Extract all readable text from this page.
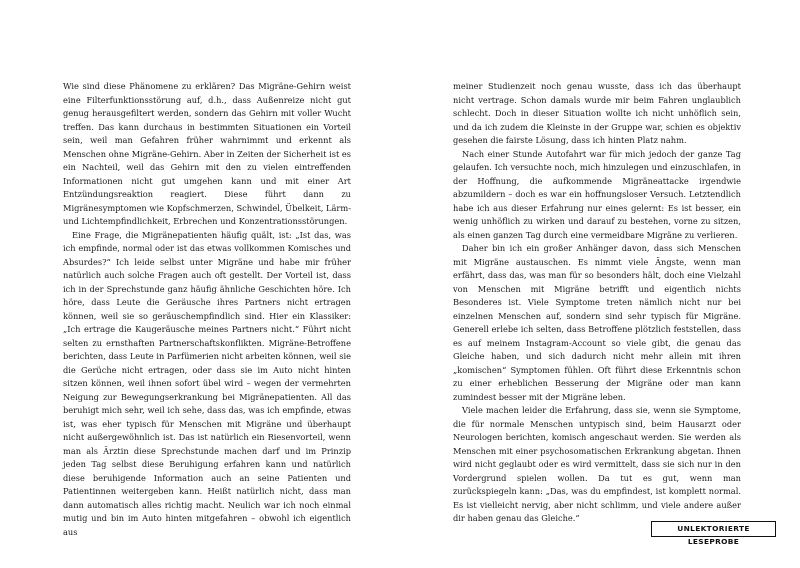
Wie sind diese Phänomene zu erklären? Das Migräne-Gehirn weist eine Filterfunktionsstörung auf, d.h., dass Außenreize nicht gut genug herausgefiltert werden, sondern das Gehirn mit voller Wucht treffen. Das kann durchaus in bestimmten Situationen ein Vorteil sein, weil man Gefahren früher wahrnimmt und erkennt als Menschen ohne Migräne-Gehirn. Aber in Zeiten der Sicherheit ist es ein Nachteil, weil das Gehirn mit den zu vielen eintreffenden Informationen nicht gut umgehen kann und mit einer Art Entzündungsreaktion reagiert. Diese führt dann zu Migränesymptomen wie Kopfschmerzen, Schwindel, Übelkeit, Lärm- und Lichtempfindlichkeit, Erbrechen und Konzentrationsstörungen.

Eine Frage, die Migränepatienten häufig quält, ist: „Ist das, was ich empfinde, normal oder ist das etwas vollkommen Komisches und Absurdes?“ Ich leide selbst unter Migräne und habe mir früher natürlich auch solche Fragen auch oft gestellt. Der Vorteil ist, dass ich in der Sprechstunde ganz häufig ähnliche Geschichten höre. Ich höre, dass Leute die Geräusche ihres Partners nicht ertragen können, weil sie so geräuschempfindlich sind. Hier ein Klassiker: „Ich ertrage die Kaugeräusche meines Partners nicht.“ Führt nicht selten zu ernsthaften Partnerschaftskonflikten. Migräne-Betroffene berichten, dass Leute in Parfümerien nicht arbeiten können, weil sie die Gerüche nicht ertragen, oder dass sie im Auto nicht hinten sitzen können, weil ihnen sofort übel wird – wegen der vermehrten Neigung zur Bewegungserkrankung bei Migränepatienten. All das beruhigt mich sehr, weil ich sehe, dass das, was ich empfinde, etwas ist, was eher typisch für Menschen mit Migräne und überhaupt nicht außergewöhnlich ist. Das ist natürlich ein Riesenvorteil, wenn man als Ärztin diese Sprechstunde machen darf und im Prinzip jeden Tag selbst diese Beruhigung erfahren kann und natürlich diese beruhigende Information auch an seine Patienten und Patientinnen weitergeben kann. Heißt natürlich nicht, dass man dann automatisch alles richtig macht. Neulich war ich noch einmal mutig und bin im Auto hinten mitgefahren – obwohl ich eigentlich aus

meiner Studienzeit noch genau wusste, dass ich das überhaupt nicht vertrage. Schon damals wurde mir beim Fahren unglaublich schlecht. Doch in dieser Situation wollte ich nicht unhöflich sein, und da ich zudem die Kleinste in der Gruppe war, schien es objektiv gesehen die fairste Lösung, dass ich hinten Platz nahm.

Nach einer Stunde Autofahrt war für mich jedoch der ganze Tag gelaufen. Ich versuchte noch, mich hinzulegen und einzuschlafen, in der Hoffnung, die aufkommende Migräneattacke irgendwie abzumildern – doch es war ein hoffnungsloser Versuch. Letztendlich habe ich aus dieser Erfahrung nur eines gelernt: Es ist besser, ein wenig unhöflich zu wirken und darauf zu bestehen, vorne zu sitzen, als einen ganzen Tag durch eine vermeidbare Migräne zu verlieren.

Daher bin ich ein großer Anhänger davon, dass sich Menschen mit Migräne austauschen. Es nimmt viele Ängste, wenn man erfährt, dass das, was man für so besonders hält, doch eine Vielzahl von Menschen mit Migräne betrifft und eigentlich nichts Besonderes ist. Viele Symptome treten nämlich nicht nur bei einzelnen Menschen auf, sondern sind sehr typisch für Migräne. Generell erlebe ich selten, dass Betroffene plötzlich feststellen, dass es auf meinem Instagram-Account so viele gibt, die genau das Gleiche haben, und sich dadurch nicht mehr allein mit ihren „komischen“ Symptomen fühlen. Oft führt diese Erkenntnis schon zu einer erheblichen Besserung der Migräne oder man kann zumindest besser mit der Migräne leben.

Viele machen leider die Erfahrung, dass sie, wenn sie Symptome, die für normale Menschen untypisch sind, beim Hausarzt oder Neurologen berichten, komisch angeschaut werden. Sie werden als Menschen mit einer psychosomatischen Erkrankung abgetan. Ihnen wird nicht geglaubt oder es wird vermittelt, dass sie sich nur in den Vordergrund spielen wollen. Da tut es gut, wenn man zurückspiegeln kann: „Das, was du empfindest, ist komplett normal. Es ist vielleicht nervig, aber nicht schlimm, und viele andere außer dir haben genau das Gleiche.“

UNLEKTORIERTE LESEPROBE
